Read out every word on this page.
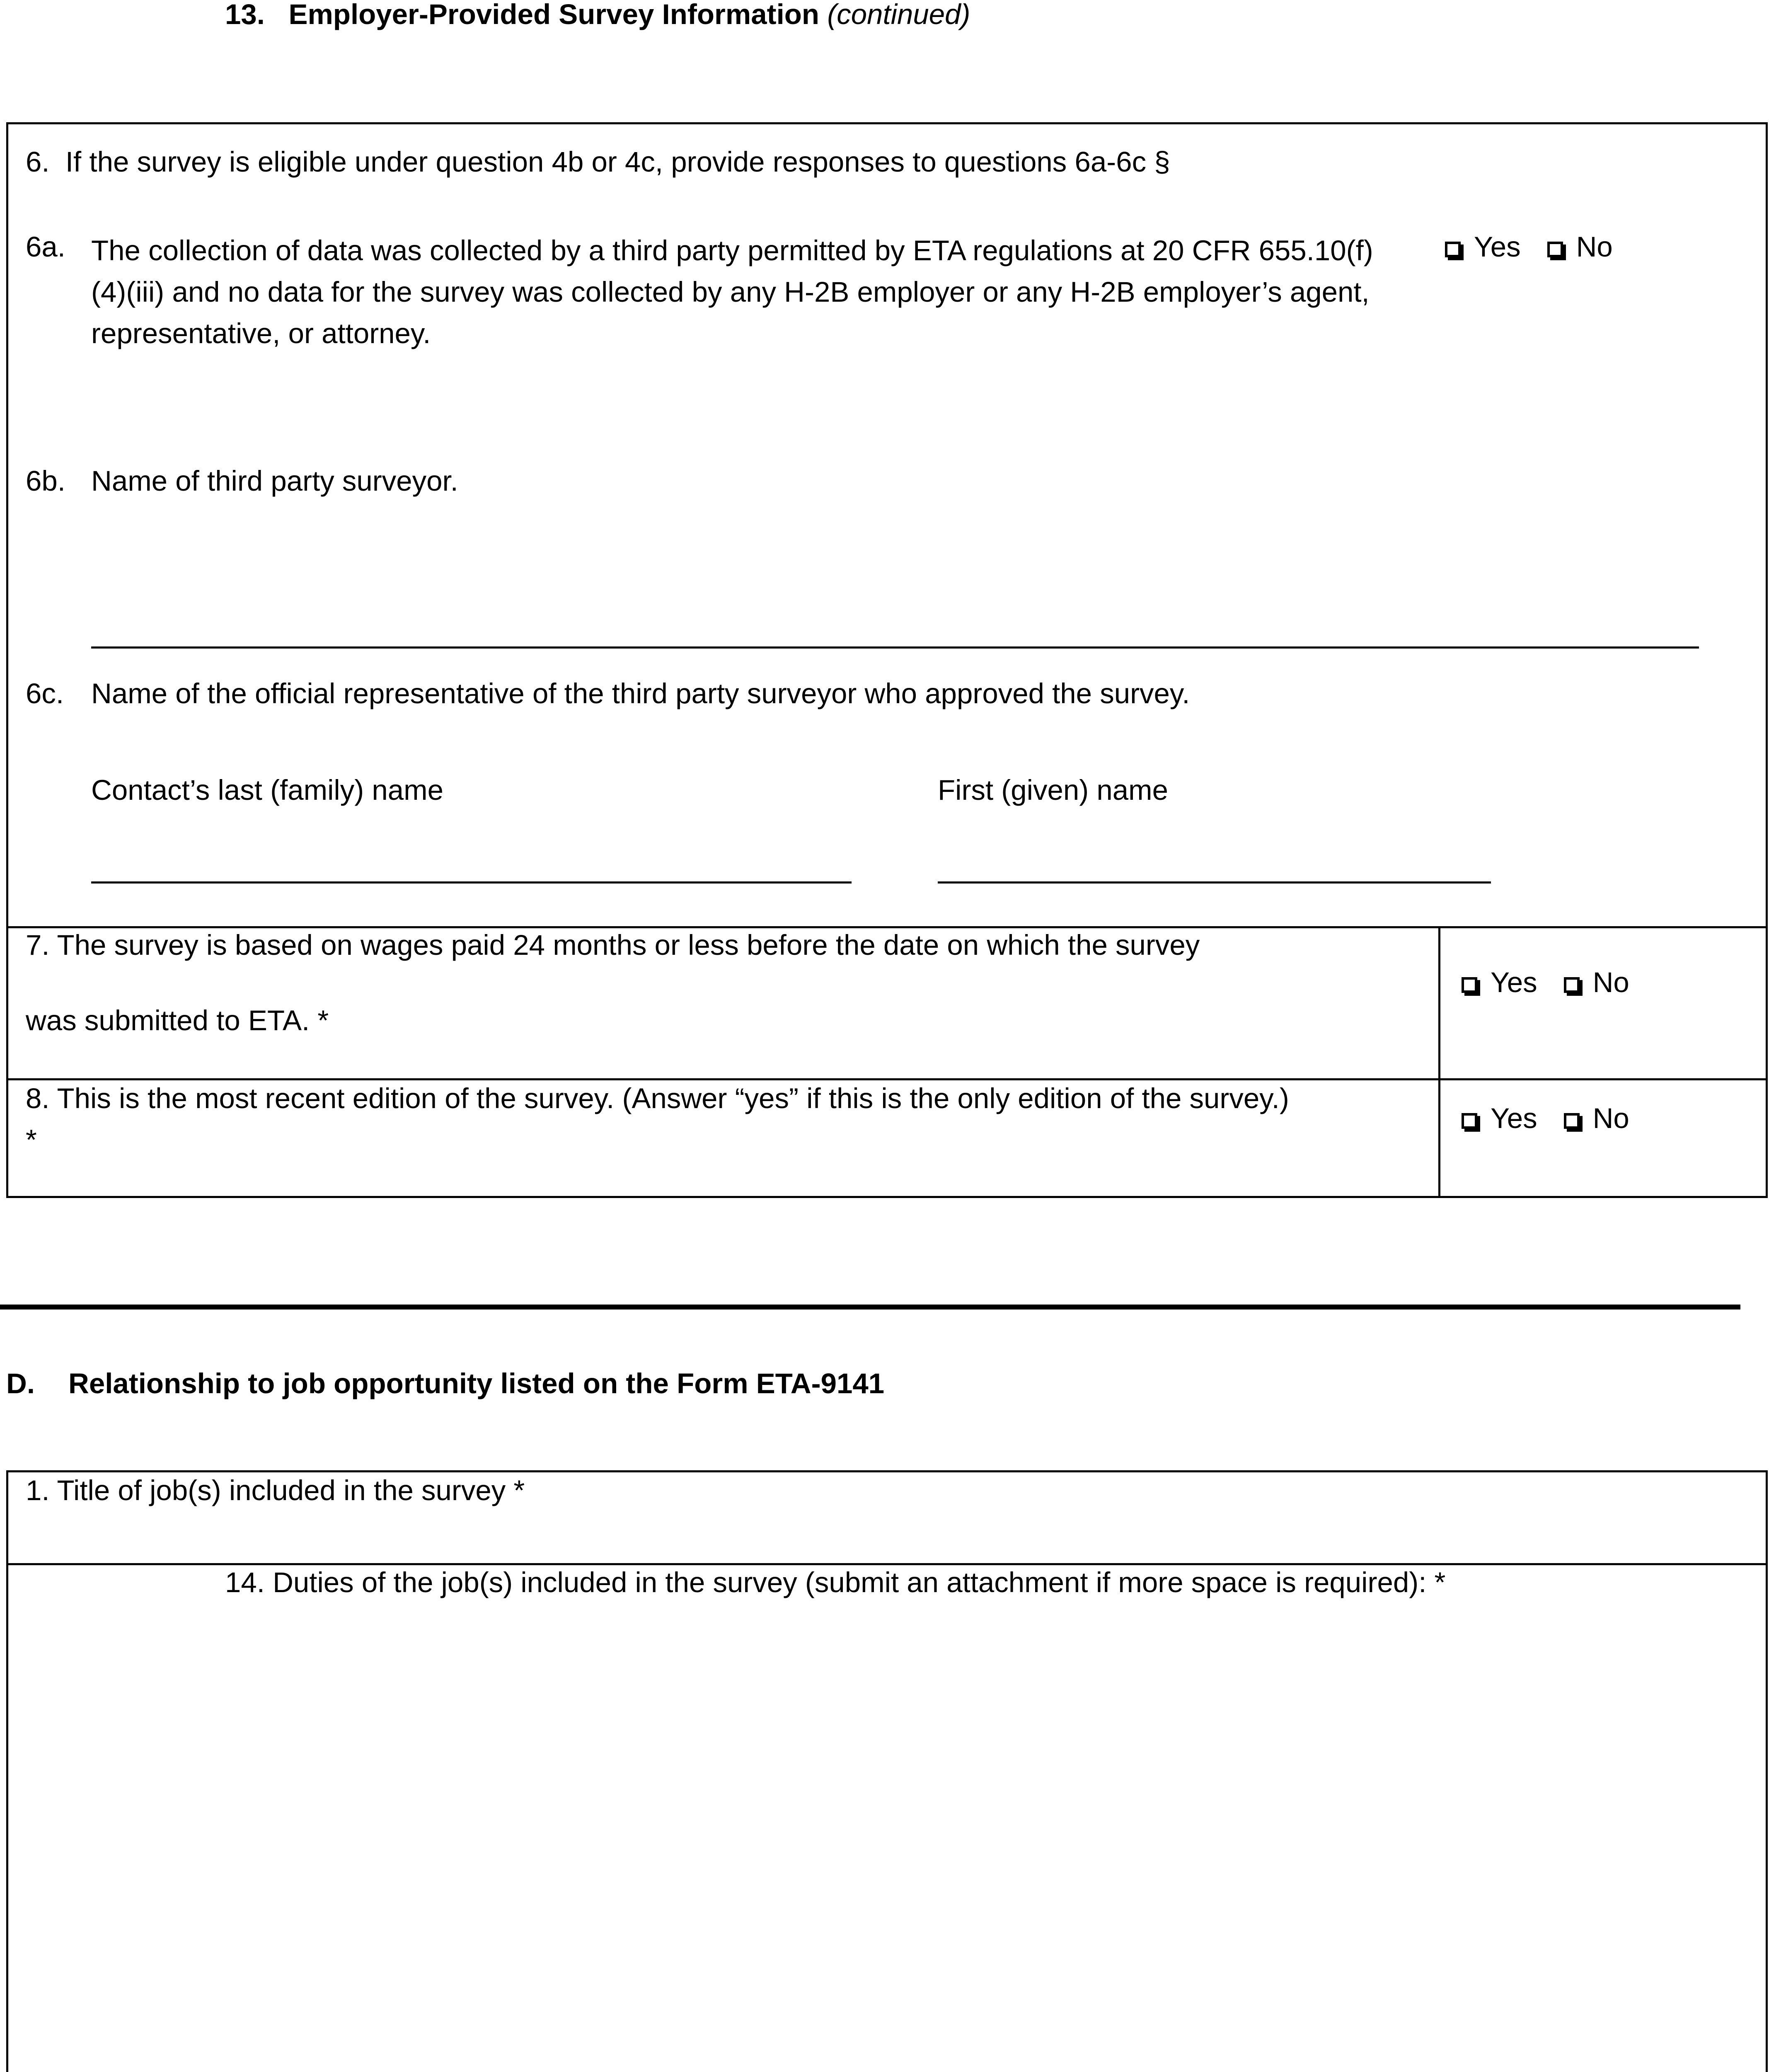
13. Employer-Provided Survey Information (continued)
6. If the survey is eligible under question 4b or 4c, provide responses to questions 6a-6c §
6a. The collection of data was collected by a third party permitted by ETA regulations at 20 CFR 655.10(f)(4)(iii) and no data for the survey was collected by any H-2B employer or any H-2B employer’s agent, representative, or attorney.
Yes No
6b. Name of third party surveyor.
6c. Name of the official representative of the third party surveyor who approved the survey.
Contact’s last (family) name	First (given) name
7. The survey is based on wages paid 24 months or less before the date on which the survey
was submitted to ETA. *
Yes No
8. This is the most recent edition of the survey. (Answer “yes” if this is the only edition of the survey.)
*
Yes No
D. Relationship to job opportunity listed on the Form ETA-9141
1. Title of job(s) included in the survey *
14. Duties of the job(s) included in the survey (submit an attachment if more space is required): *
